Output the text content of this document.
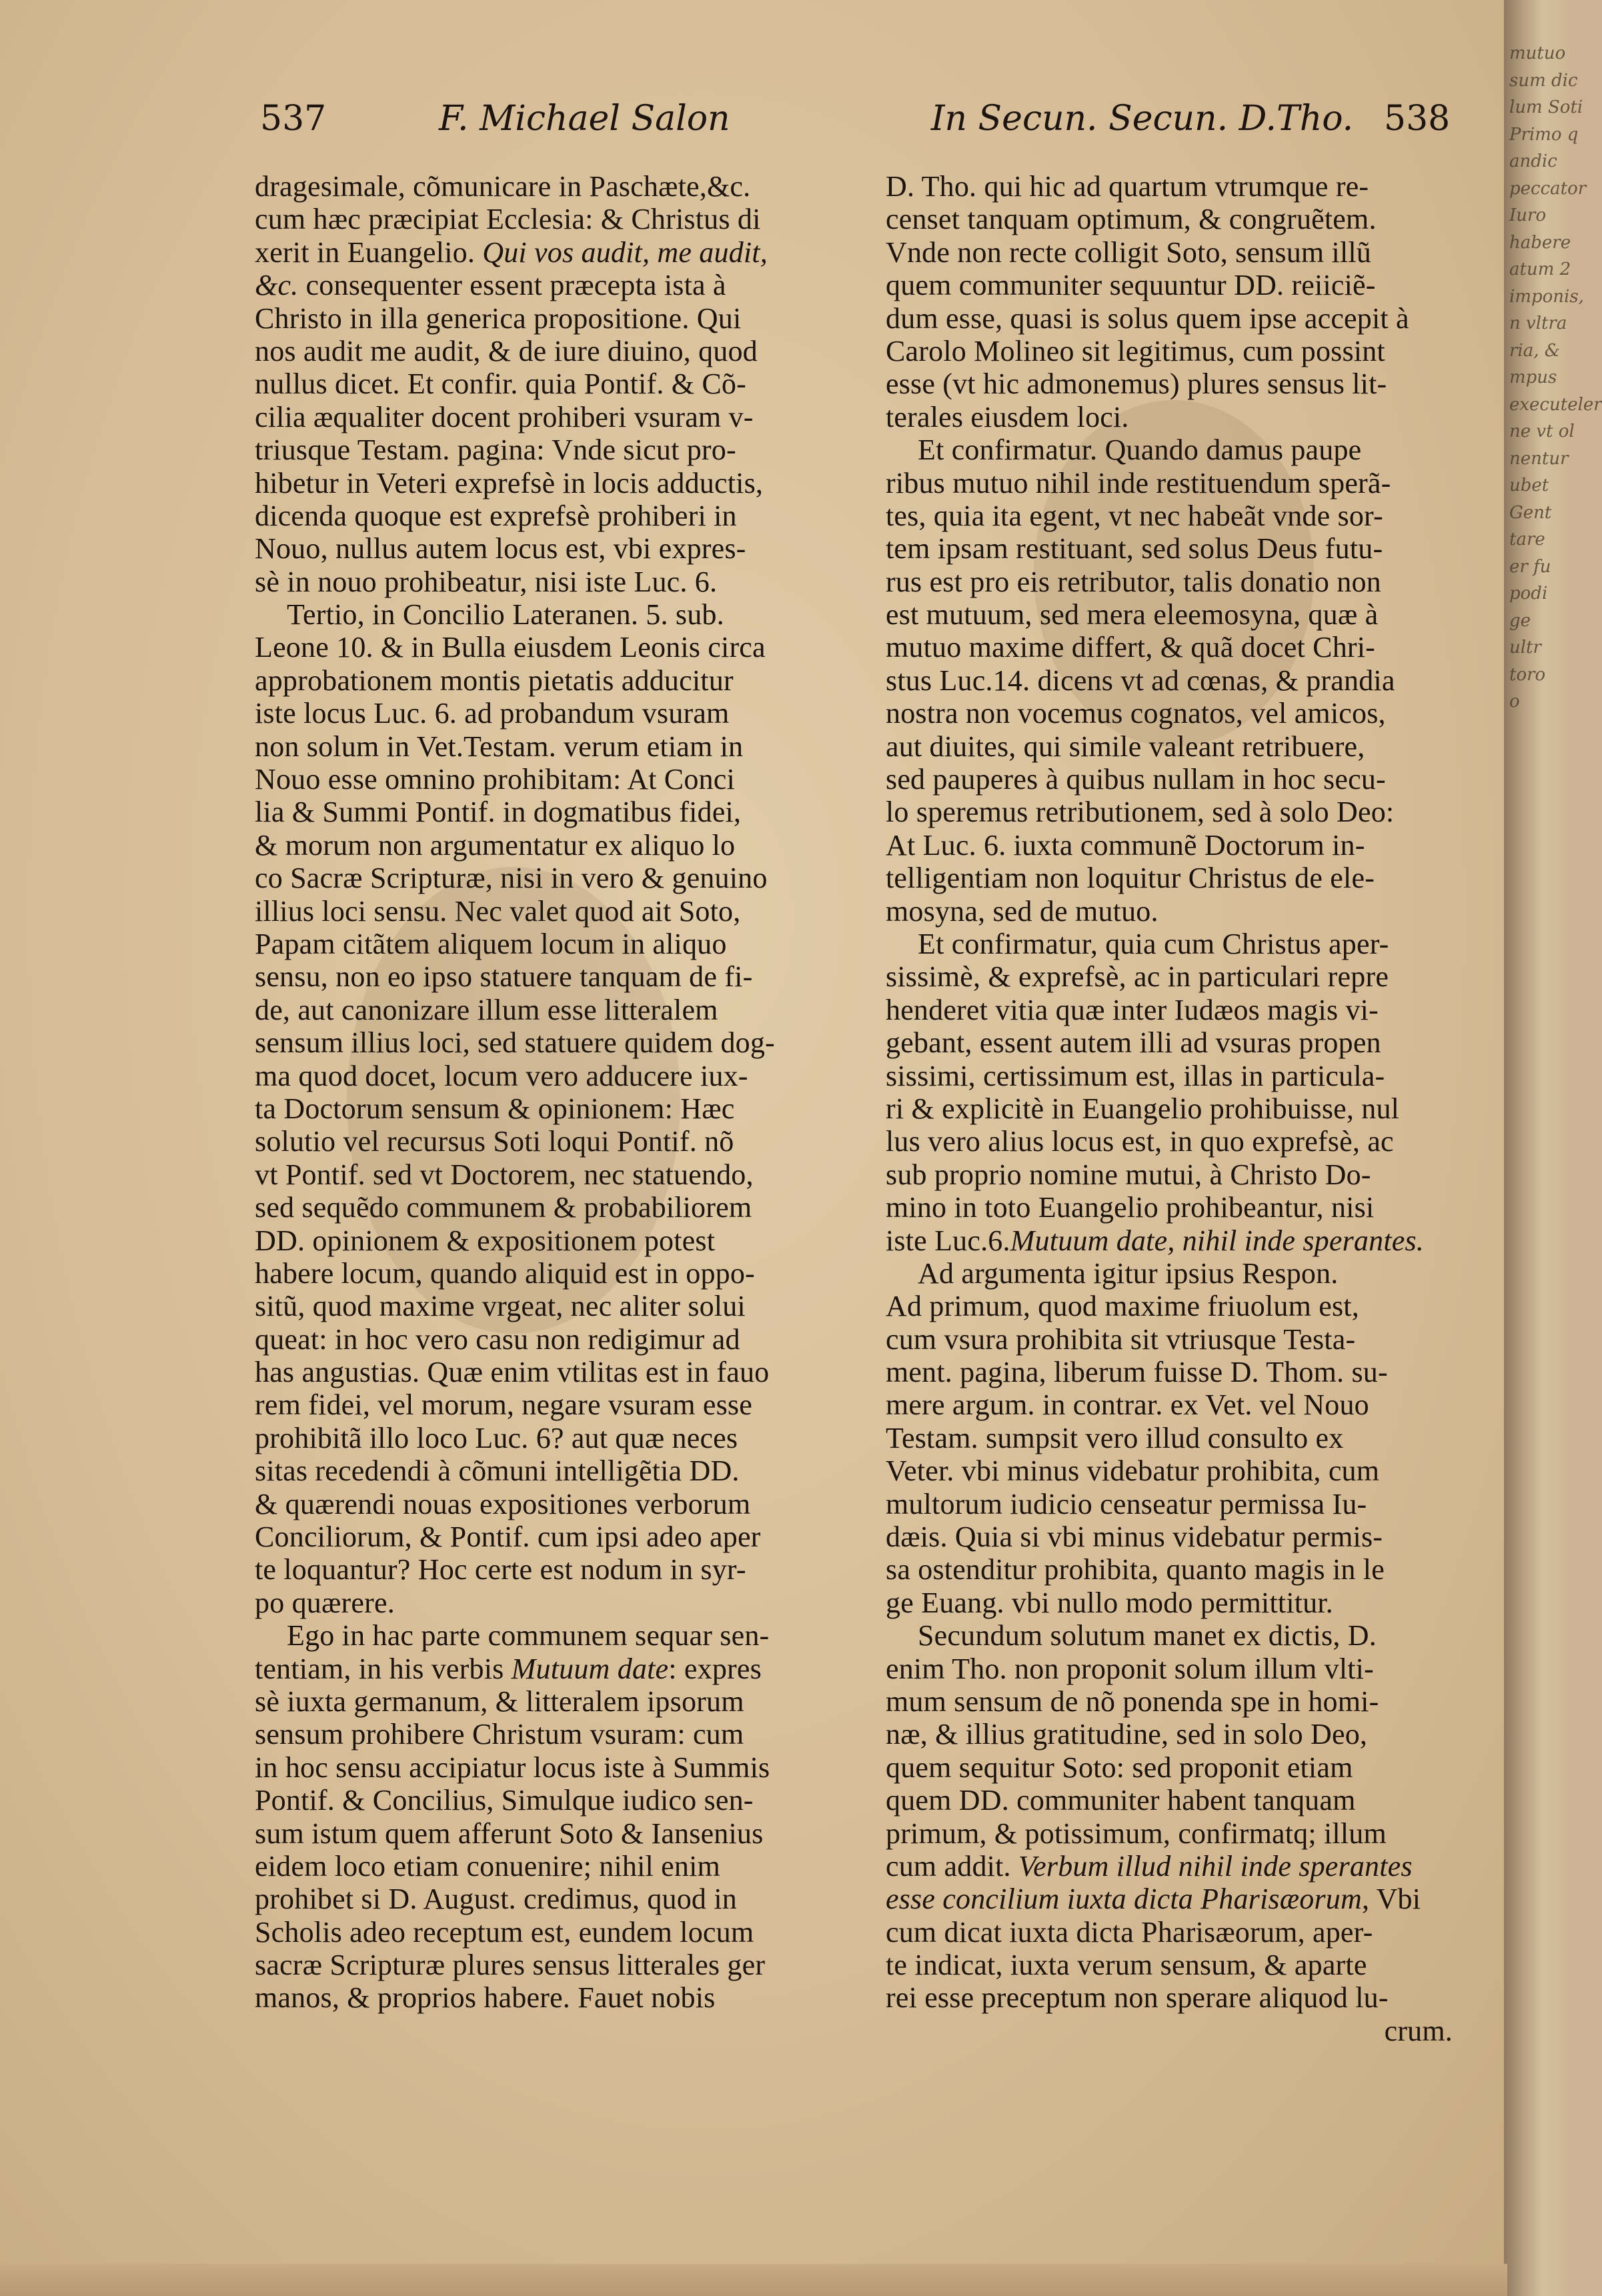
537	F. Michael Salon	In Secun. Secun. D.Tho. 538
dragesimale, cõmunicare in Paschæte,&c.
cum hæc præcipiat Ecclesia: & Christus di
xerit in Euangelio. Qui vos audit, me audit,
&c. consequenter essent præcepta ista à
Christo in illa generica propositione. Qui
nos audit me audit, & de iure diuino, quod
nullus dicet. Et confir. quia Pontif. & Cõ-
cilia æqualiter docent prohiberi vsuram v-
triusque Testam. pagina: Vnde sicut pro-
hibetur in Veteri exprefsè in locis adductis,
dicenda quoque est exprefsè prohiberi in
Nouo, nullus autem locus est, vbi expres-
sè in nouo prohibeatur, nisi iste Luc. 6.
Tertio, in Concilio Lateranen. 5. sub.
Leone 10. & in Bulla eiusdem Leonis circa
approbationem montis pietatis adducitur
iste locus Luc. 6. ad probandum vsuram
non solum in Vet.Testam. verum etiam in
Nouo esse omnino prohibitam: At Conci
lia & Summi Pontif. in dogmatibus fidei,
& morum non argumentatur ex aliquo lo
co Sacræ Scripturæ, nisi in vero & genuino
illius loci sensu. Nec valet quod ait Soto,
Papam citãtem aliquem locum in aliquo
sensu, non eo ipso statuere tanquam de fi-
de, aut canonizare illum esse litteralem
sensum illius loci, sed statuere quidem dog-
ma quod docet, locum vero adducere iux-
ta Doctorum sensum & opinionem: Hæc
solutio vel recursus Soti loqui Pontif. nõ
vt Pontif. sed vt Doctorem, nec statuendo,
sed sequẽdo communem & probabiliorem
DD. opinionem & expositionem potest
habere locum, quando aliquid est in oppo-
sitũ, quod maxime vrgeat, nec aliter solui
queat: in hoc vero casu non redigimur ad
has angustias. Quæ enim vtilitas est in fauo
rem fidei, vel morum, negare vsuram esse
prohibitã illo loco Luc. 6? aut quæ neces
sitas recedendi à cõmuni intelligẽtia DD.
& quærendi nouas expositiones verborum
Conciliorum, & Pontif. cum ipsi adeo aper
te loquantur? Hoc certe est nodum in syr-
po quærere.
Ego in hac parte communem sequar sen-
tentiam, in his verbis Mutuum date: expres
sè iuxta germanum, & litteralem ipsorum
sensum prohibere Christum vsuram: cum
in hoc sensu accipiatur locus iste à Summis
Pontif. & Concilius, Simulque iudico sen-
sum istum quem afferunt Soto & Iansenius
eidem loco etiam conuenire; nihil enim
prohibet si D. August. credimus, quod in
Scholis adeo receptum est, eundem locum
sacræ Scripturæ plures sensus litterales ger
manos, & proprios habere. Fauet nobis
D. Tho. qui hic ad quartum vtrumque re-
censet tanquam optimum, & congruẽtem.
Vnde non recte colligit Soto, sensum illũ
quem communiter sequuntur DD. reiiciẽ-
dum esse, quasi is solus quem ipse accepit à
Carolo Molineo sit legitimus, cum possint
esse (vt hic admonemus) plures sensus lit-
terales eiusdem loci.
Et confirmatur. Quando damus paupe
ribus mutuo nihil inde restituendum sperã-
tes, quia ita egent, vt nec habeãt vnde sor-
tem ipsam restituant, sed solus Deus futu-
rus est pro eis retributor, talis donatio non
est mutuum, sed mera eleemosyna, quæ à
mutuo maxime differt, & quã docet Chri-
stus Luc.14. dicens vt ad cœnas, & prandia
nostra non vocemus cognatos, vel amicos,
aut diuites, qui simile valeant retribuere,
sed pauperes à quibus nullam in hoc secu-
lo speremus retributionem, sed à solo Deo:
At Luc. 6. iuxta communẽ Doctorum in-
telligentiam non loquitur Christus de ele-
mosyna, sed de mutuo.
Et confirmatur, quia cum Christus aper-
sissimè, & exprefsè, ac in particulari repre
henderet vitia quæ inter Iudæos magis vi-
gebant, essent autem illi ad vsuras propen
sissimi, certissimum est, illas in particula-
ri & explicitè in Euangelio prohibuisse, nul
lus vero alius locus est, in quo exprefsè, ac
sub proprio nomine mutui, à Christo Do-
mino in toto Euangelio prohibeantur, nisi
iste Luc.6.Mutuum date, nihil inde sperantes.
Ad argumenta igitur ipsius Respon.
Ad primum, quod maxime friuolum est,
cum vsura prohibita sit vtriusque Testa-
ment. pagina, liberum fuisse D. Thom. su-
mere argum. in contrar. ex Vet. vel Nouo
Testam. sumpsit vero illud consulto ex
Veter. vbi minus videbatur prohibita, cum
multorum iudicio censeatur permissa Iu-
dæis. Quia si vbi minus videbatur permis-
sa ostenditur prohibita, quanto magis in le
ge Euang. vbi nullo modo permittitur.
Secundum solutum manet ex dictis, D.
enim Tho. non proponit solum illum vlti-
mum sensum de nõ ponenda spe in homi-
næ, & illius gratitudine, sed in solo Deo,
quem sequitur Soto: sed proponit etiam
quem DD. communiter habent tanquam
primum, & potissimum, confirmatq; illum
cum addit. Verbum illud nihil inde sperantes
esse concilium iuxta dicta Pharisæorum, Vbi
cum dicat iuxta dicta Pharisæorum, aper-
te indicat, iuxta verum sensum, & aparte
rei esse preceptum non sperare aliquod lu-
crum.
mutuo
sum dic
lum Soti
Primo q
andic
peccator
Iuro
habere
atum 2
imponis,
n vltra
ria, &
mpus
executeler
ne vt ol
nentur
ubet
Gent
tare
er fu
podi
ge
ultr
toro
o
